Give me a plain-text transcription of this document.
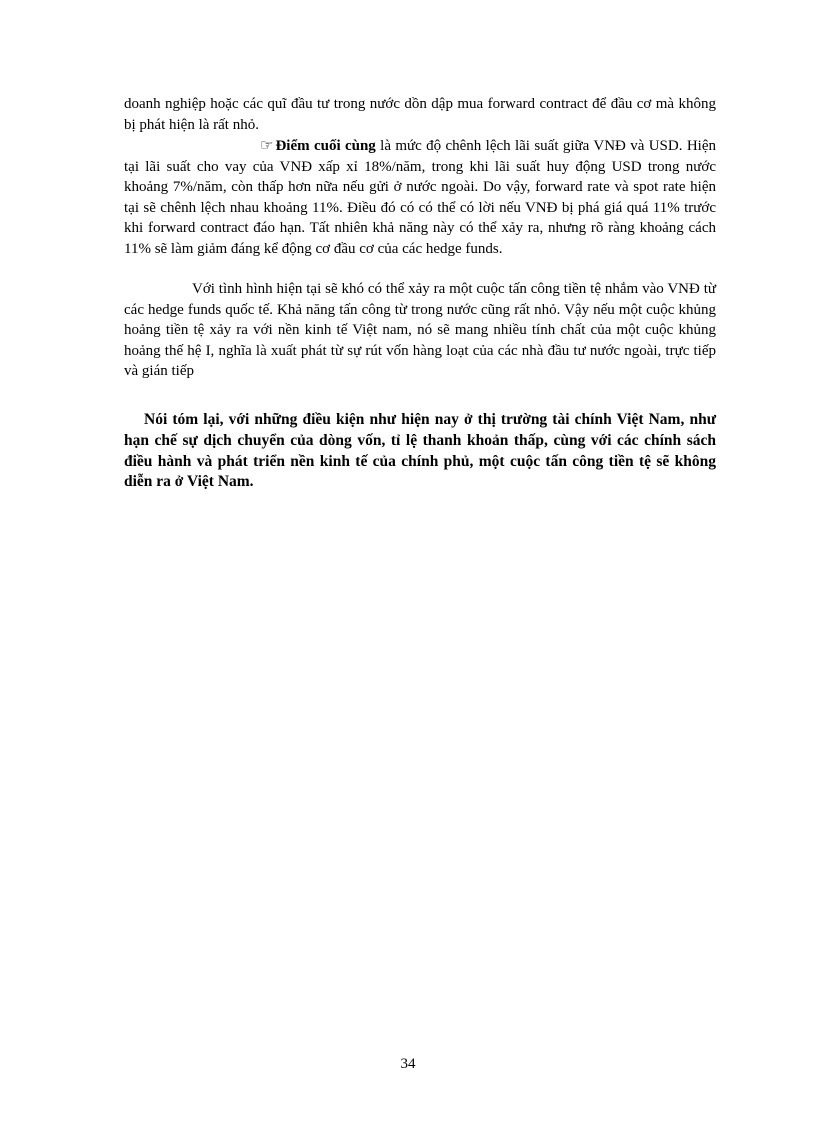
doanh nghiệp hoặc các quĩ đầu tư trong nước dồn dập mua forward contract để đầu cơ mà không bị phát hiện là rất nhỏ.

☞ Điểm cuối cùng là mức độ chênh lệch lãi suất giữa VNĐ và USD. Hiện tại lãi suất cho vay của VNĐ xấp xỉ 18%/năm, trong khi lãi suất huy động USD trong nước khoảng 7%/năm, còn thấp hơn nữa nếu gửi ở nước ngoài. Do vậy, forward rate và spot rate hiện tại sẽ chênh lệch nhau khoảng 11%. Điều đó có có thể có lời nếu VNĐ bị phá giá quá 11% trước khi forward contract đáo hạn. Tất nhiên khả năng này có thể xảy ra, nhưng rõ ràng khoảng cách 11% sẽ làm giảm đáng kể động cơ đầu cơ của các hedge funds.

Với tình hình hiện tại sẽ khó có thể xảy ra một cuộc tấn công tiền tệ nhắm vào VNĐ từ các hedge funds quốc tế. Khả năng tấn công từ trong nước cũng rất nhỏ. Vậy nếu một cuộc khủng hoảng tiền tệ xảy ra với nền kinh tế Việt nam, nó sẽ mang nhiều tính chất của một cuộc khủng hoảng thế hệ I, nghĩa là xuất phát từ sự rút vốn hàng loạt của các nhà đầu tư nước ngoài, trực tiếp và gián tiếp

Nói tóm lại, với những điều kiện như hiện nay ở thị trường tài chính Việt Nam, như hạn chế sự dịch chuyển của dòng vốn, tỉ lệ thanh khoản thấp, cùng với các chính sách điều hành và phát triển nền kinh tế của chính phủ, một cuộc tấn công tiền tệ sẽ không diễn ra ở Việt Nam.

34
